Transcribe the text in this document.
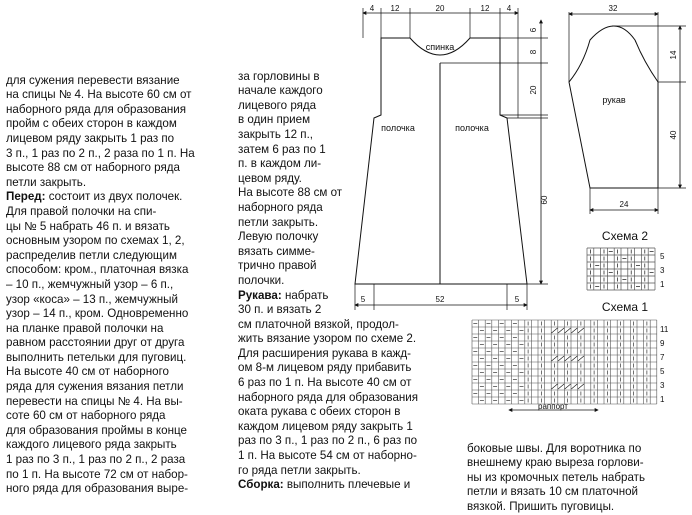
для сужения перевести вязание
на спицы № 4. На высоте 60 см от
наборного ряда для образования
пройм с обеих сторон в каждом
лицевом ряду закрыть 1 раз по
3 п., 1 раз по 2 п., 2 раза по 1 п. На
высоте 88 см от наборного ряда
петли закрыть.
Перед: состоит из двух полочек.
Для правой полочки на спи-
цы № 5 набрать 46 п. и вязать
основным узором по схемах 1, 2,
распределив петли следующим
способом: кром., платочная вязка
– 10 п., жемчужный узор – 6 п.,
узор «коса» – 13 п., жемчужный
узор – 14 п., кром. Одновременно
на планке правой полочки на
равном расстоянии друг от друга
выполнить петельки для пуговиц.
На высоте 40 см от наборного
ряда для сужения вязания петли
перевести на спицы № 4. На вы-
соте 60 см от наборного ряда
для образования проймы в конце
каждого лицевого ряда закрыть
1 раз по 3 п., 1 раз по 2 п., 2 раза
по 1 п. На высоте 72 см от набор-
ного ряда для образования выре-

за горловины в
начале каждого
лицевого ряда
в один прием
закрыть 12 п.,
затем 6 раз по 1
п. в каждом ли-
цевом ряду.
На высоте 88 см от
наборного ряда
петли закрыть.
Левую полочку
вязать симме-
трично правой
полочки.
Рукава: набрать
30 п. и вязать 2
см платочной вязкой, продол-
жить вязание узором по схеме 2.
Для расширения рукава в кажд-
ом 8-м лицевом ряду прибавить
6 раз по 1 п. На высоте 40 см от
наборного ряда для образования
оката рукава с обеих сторон в
каждом лицевом ряду закрыть 1
раз по 3 п., 1 раз по 2 п., 6 раз по
1 п. На высоте 54 см от наборно-
го ряда петли закрыть.
Сборка: выполнить плечевые и

боковые швы. Для воротника по
внешнему краю выреза горлови-
ны из кромочных петель набрать
петли и вязать 10 см платочной
вязкой. Пришить пуговицы.

4 12	20	12 4
6
8
20
60
5	52	5
спинка
полочка	полочка
32
14
40
24
рукав
Схема 2
5
3
1
Схема 1
11
9
7
5
3
1
раппорт
